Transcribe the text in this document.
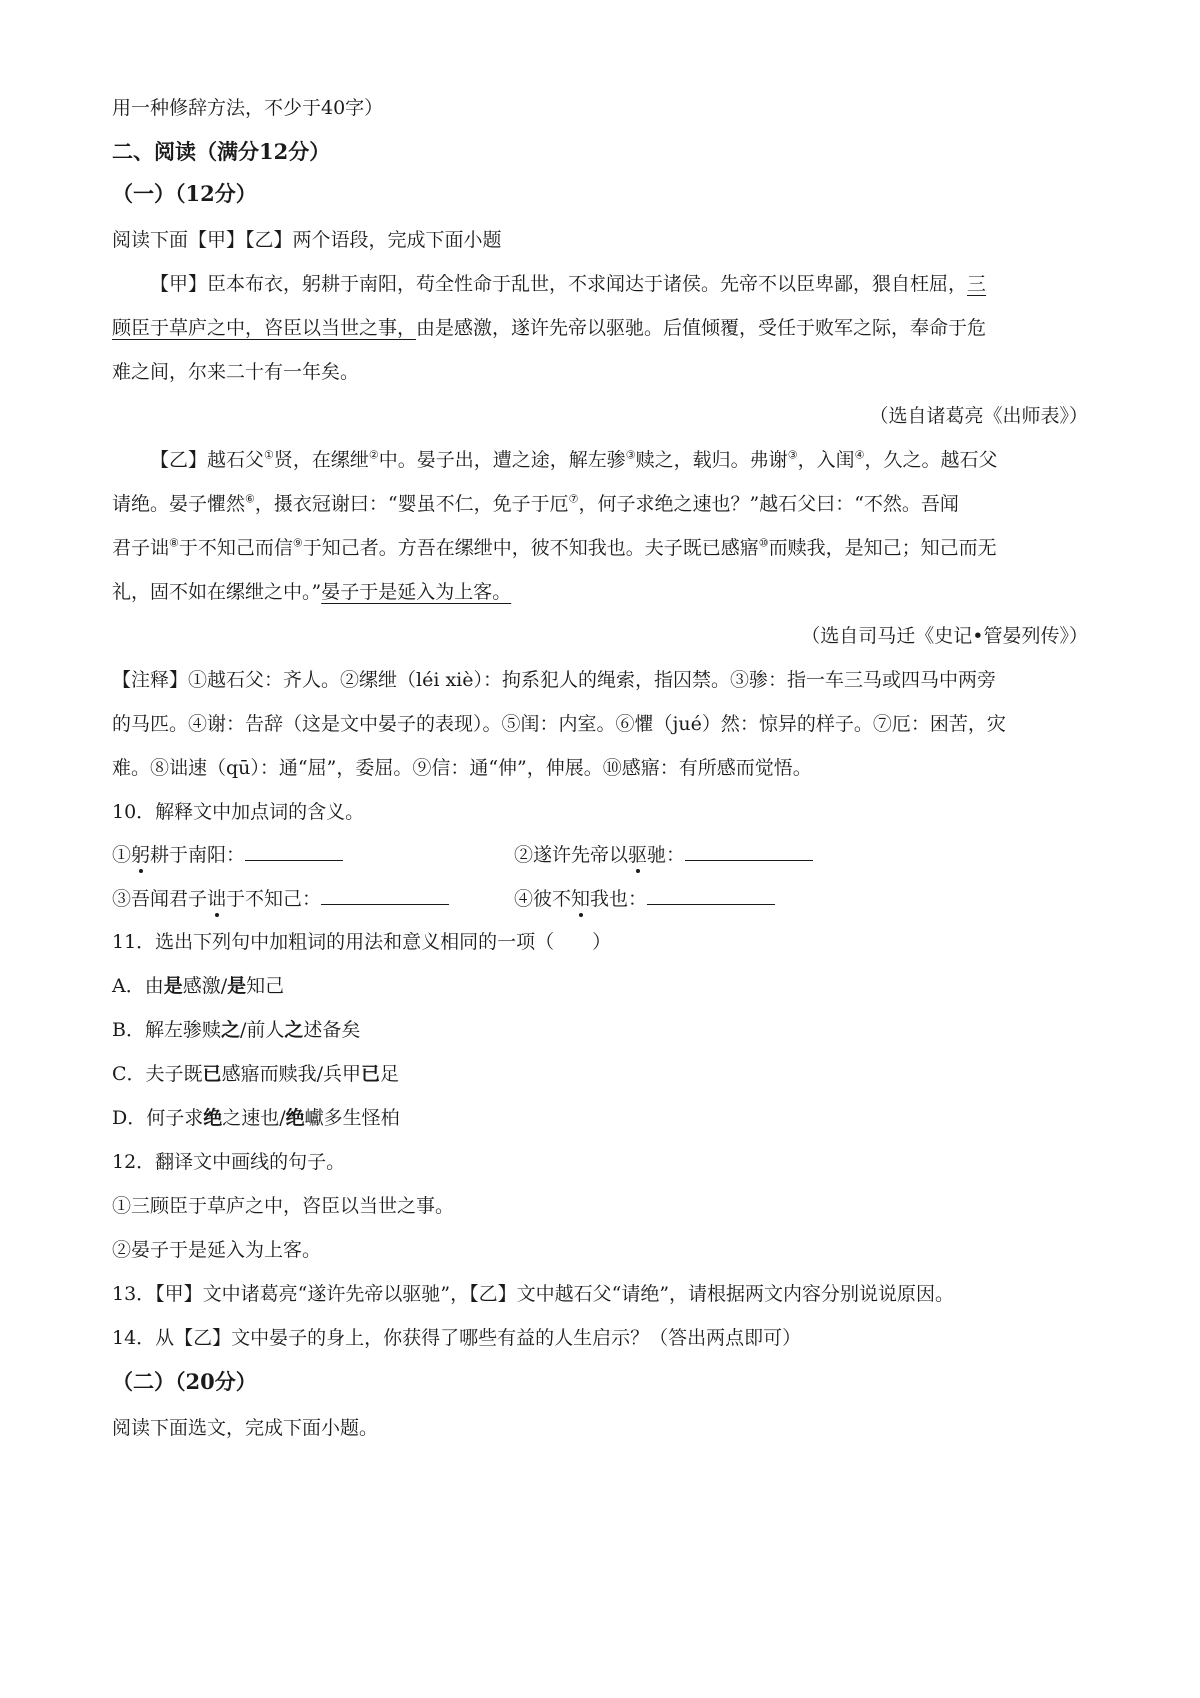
用一种修辞方法，不少于40字）
二、阅读（满分12分）
（一）（12分）
阅读下面【甲】【乙】两个语段，完成下面小题
【甲】臣本布衣，躬耕于南阳，苟全性命于乱世，不求闻达于诸侯。先帝不以臣卑鄙，猥自枉屈，三
顾臣于草庐之中，咨臣以当世之事，由是感激，遂许先帝以驱驰。后值倾覆，受任于败军之际，奉命于危
难之间，尔来二十有一年矣。
（选自诸葛亮《出师表》）
【乙】越石父①贤，在缧绁②中。晏子出，遭之途，解左骖③赎之，载归。弗谢③，入闺④，久之。越石父
请绝。晏子懼然⑥，摄衣冠谢曰：“婴虽不仁，免子于厄⑦，何子求绝之速也？”越石父曰：“不然。吾闻
君子诎⑧于不知己而信⑨于知己者。方吾在缧绁中，彼不知我也。夫子既已感寤⑩而赎我，是知己；知己而无
礼，固不如在缧绁之中。”晏子于是延入为上客。
（选自司马迁《史记•管晏列传》）
【注释】①越石父：齐人。②缧绁（léi xiè）：拘系犯人的绳索，指囚禁。③骖：指一车三马或四马中两旁
的马匹。④谢：告辞（这是文中晏子的表现）。⑤闺：内室。⑥懼（jué）然：惊异的样子。⑦厄：困苦，灾
难。⑧诎速（qū）：通“屈”，委屈。⑨信：通“伸”，伸展。⑩感寤：有所感而觉悟。
10．解释文中加点词的含义。
①躬耕于南阳：	②遂许先帝以驱驰：
③吾闻君子诎于不知己：	④彼不知我也：
11．选出下列句中加粗词的用法和意义相同的一项（　　）
A．由是感激/是知己
B．解左骖赎之/前人之述备矣
C．夫子既已感寤而赎我/兵甲已足
D．何子求绝之速也/绝巘多生怪柏
12．翻译文中画线的句子。
①三顾臣于草庐之中，咨臣以当世之事。
②晏子于是延入为上客。
13．【甲】文中诸葛亮“遂许先帝以驱驰”，【乙】文中越石父“请绝”，请根据两文内容分别说说原因。
14．从【乙】文中晏子的身上，你获得了哪些有益的人生启示？（答出两点即可）
（二）（20分）
阅读下面选文，完成下面小题。
